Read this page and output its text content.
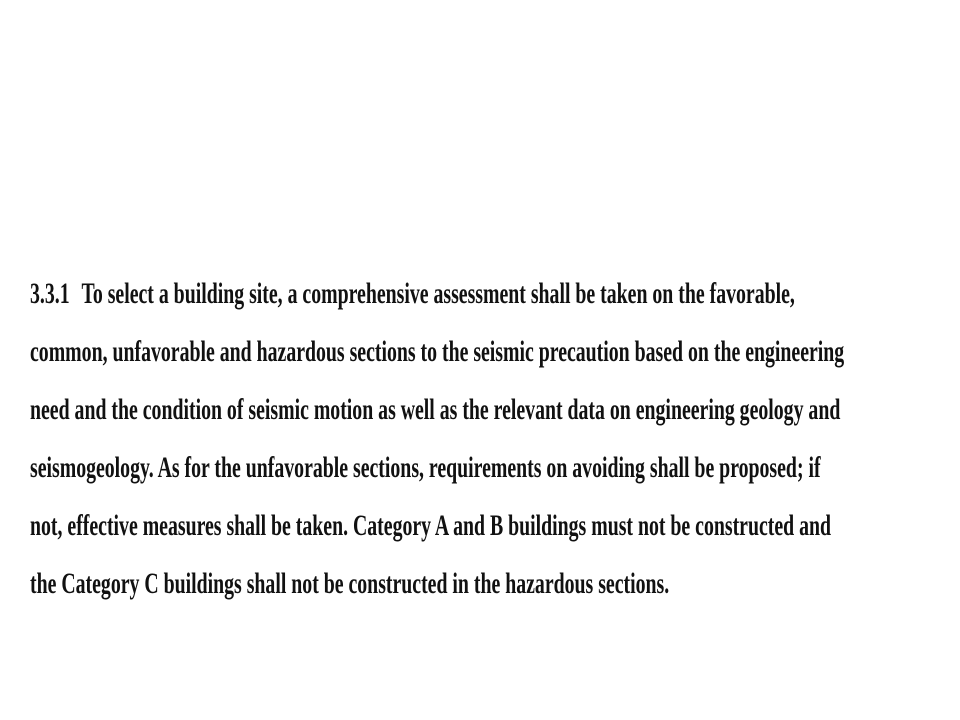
3.3.1 To select a building site, a comprehensive assessment shall be taken on the favorable,
common, unfavorable and hazardous sections to the seismic precaution based on the engineering
need and the condition of seismic motion as well as the relevant data on engineering geology and
seismogeology. As for the unfavorable sections, requirements on avoiding shall be proposed; if
not, effective measures shall be taken. Category A and B buildings must not be constructed and
the Category C buildings shall not be constructed in the hazardous sections.
